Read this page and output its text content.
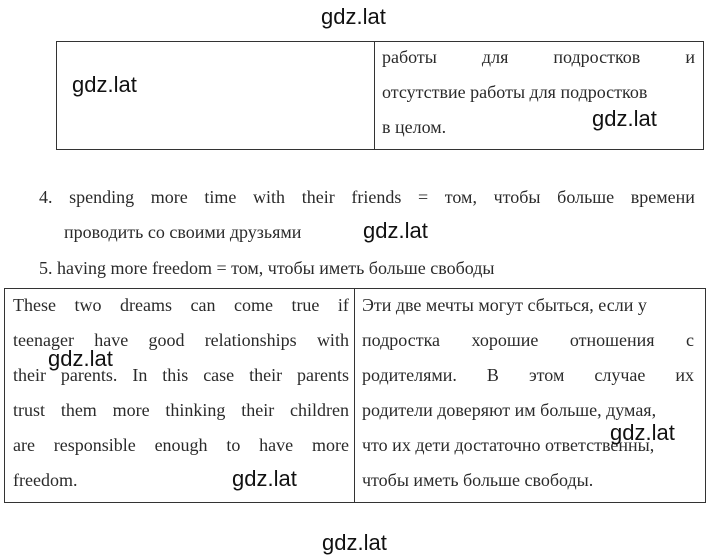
gdz.lat
gdz.lat
gdz.lat
gdz.lat
gdz.lat
gdz.lat
gdz.lat
gdz.lat
работы	для	подростков	и
отсутствие работы для подростков
в целом.
4. spending more time with their friends = том, чтобы больше времени
проводить со своими друзьями
5. having more freedom = том, чтобы иметь больше свободы
These two dreams can come true if
teenager have good relationships with
their parents. In this case their parents
trust them more thinking their children
are responsible enough to have more
freedom.
Эти две мечты могут сбыться, если у
подростка хорошие отношения с
родителями. В этом случае их
родители доверяют им больше, думая,
что их дети достаточно ответственны,
чтобы иметь больше свободы.
